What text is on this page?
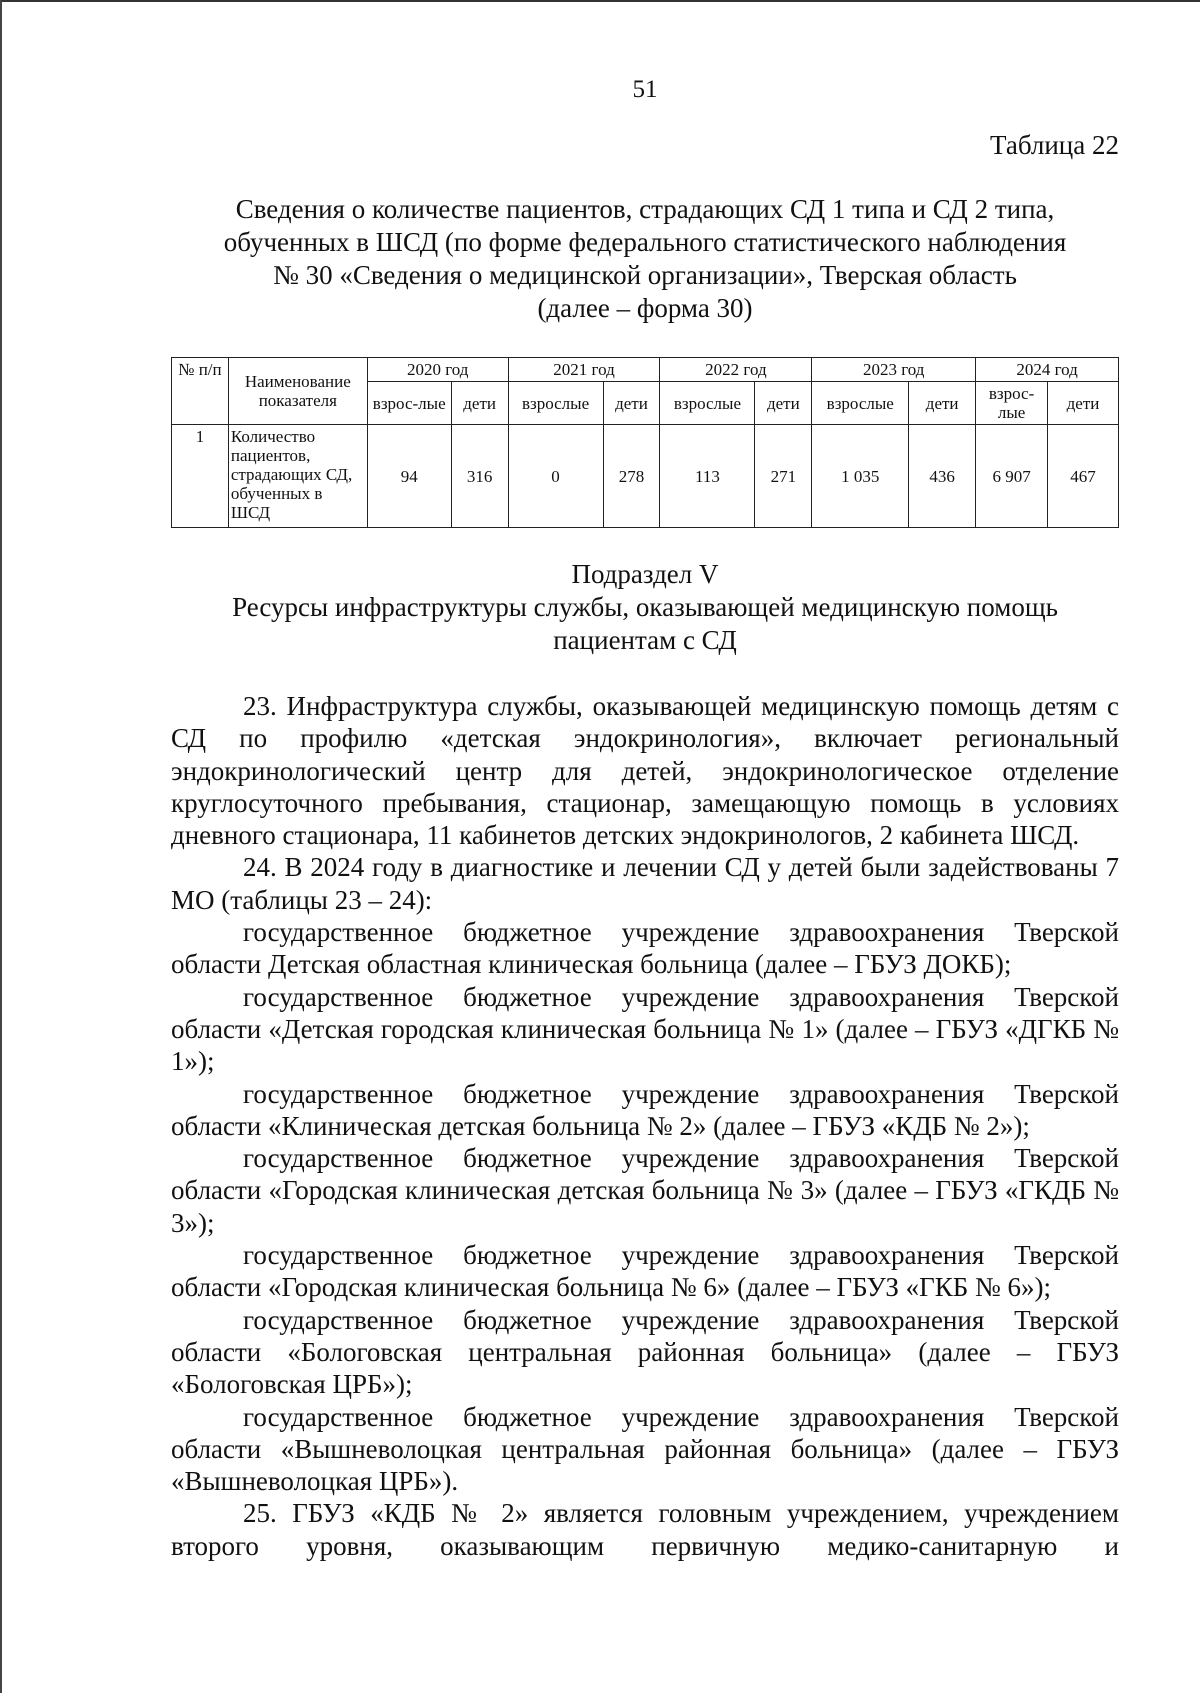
51
Таблица 22
Сведения о количестве пациентов, страдающих СД 1 типа и СД 2 типа,
обученных в ШСД (по форме федерального статистического наблюдения
№ 30 «Сведения о медицинской организации», Тверская область
(далее – форма 30)
№ п/п	Наименование показателя	2020 год		2021 год		2022 год		2023 год		2024 год	
		взрос-лые	дети	взрослые	дети	взрослые	дети	взрослые	дети	взрос-лые	дети
1	Количество пациентов, страдающих СД, обученных в ШСД	94	316	0	278	113	271	1 035	436	6 907	467
Подраздел V
Ресурсы инфраструктуры службы, оказывающей медицинскую помощь
пациентам с СД

23. Инфраструктура службы, оказывающей медицинскую помощь детям с СД по профилю «детская эндокринология», включает региональный эндокринологический центр для детей, эндокринологическое отделение круглосуточного пребывания, стационар, замещающую помощь в условиях дневного стационара, 11 кабинетов детских эндокринологов, 2 кабинета ШСД.

24. В 2024 году в диагностике и лечении СД у детей были задействованы 7 МО (таблицы 23 – 24):

государственное бюджетное учреждение здравоохранения Тверской области Детская областная клиническая больница (далее – ГБУЗ ДОКБ);

государственное бюджетное учреждение здравоохранения Тверской области «Детская городская клиническая больница № 1» (далее – ГБУЗ «ДГКБ № 1»);

государственное бюджетное учреждение здравоохранения Тверской области «Клиническая детская больница № 2» (далее – ГБУЗ «КДБ № 2»);

государственное бюджетное учреждение здравоохранения Тверской области «Городская клиническая детская больница № 3» (далее – ГБУЗ «ГКДБ № 3»);

государственное бюджетное учреждение здравоохранения Тверской области «Городская клиническая больница № 6» (далее – ГБУЗ «ГКБ № 6»);

государственное бюджетное учреждение здравоохранения Тверской области «Бологовская центральная районная больница» (далее – ГБУЗ «Бологовская ЦРБ»);

государственное бюджетное учреждение здравоохранения Тверской области «Вышневолоцкая центральная районная больница» (далее – ГБУЗ «Вышневолоцкая ЦРБ»).

25. ГБУЗ «КДБ № 2» является головным учреждением, учреждением второго уровня, оказывающим первичную медико-санитарную и
